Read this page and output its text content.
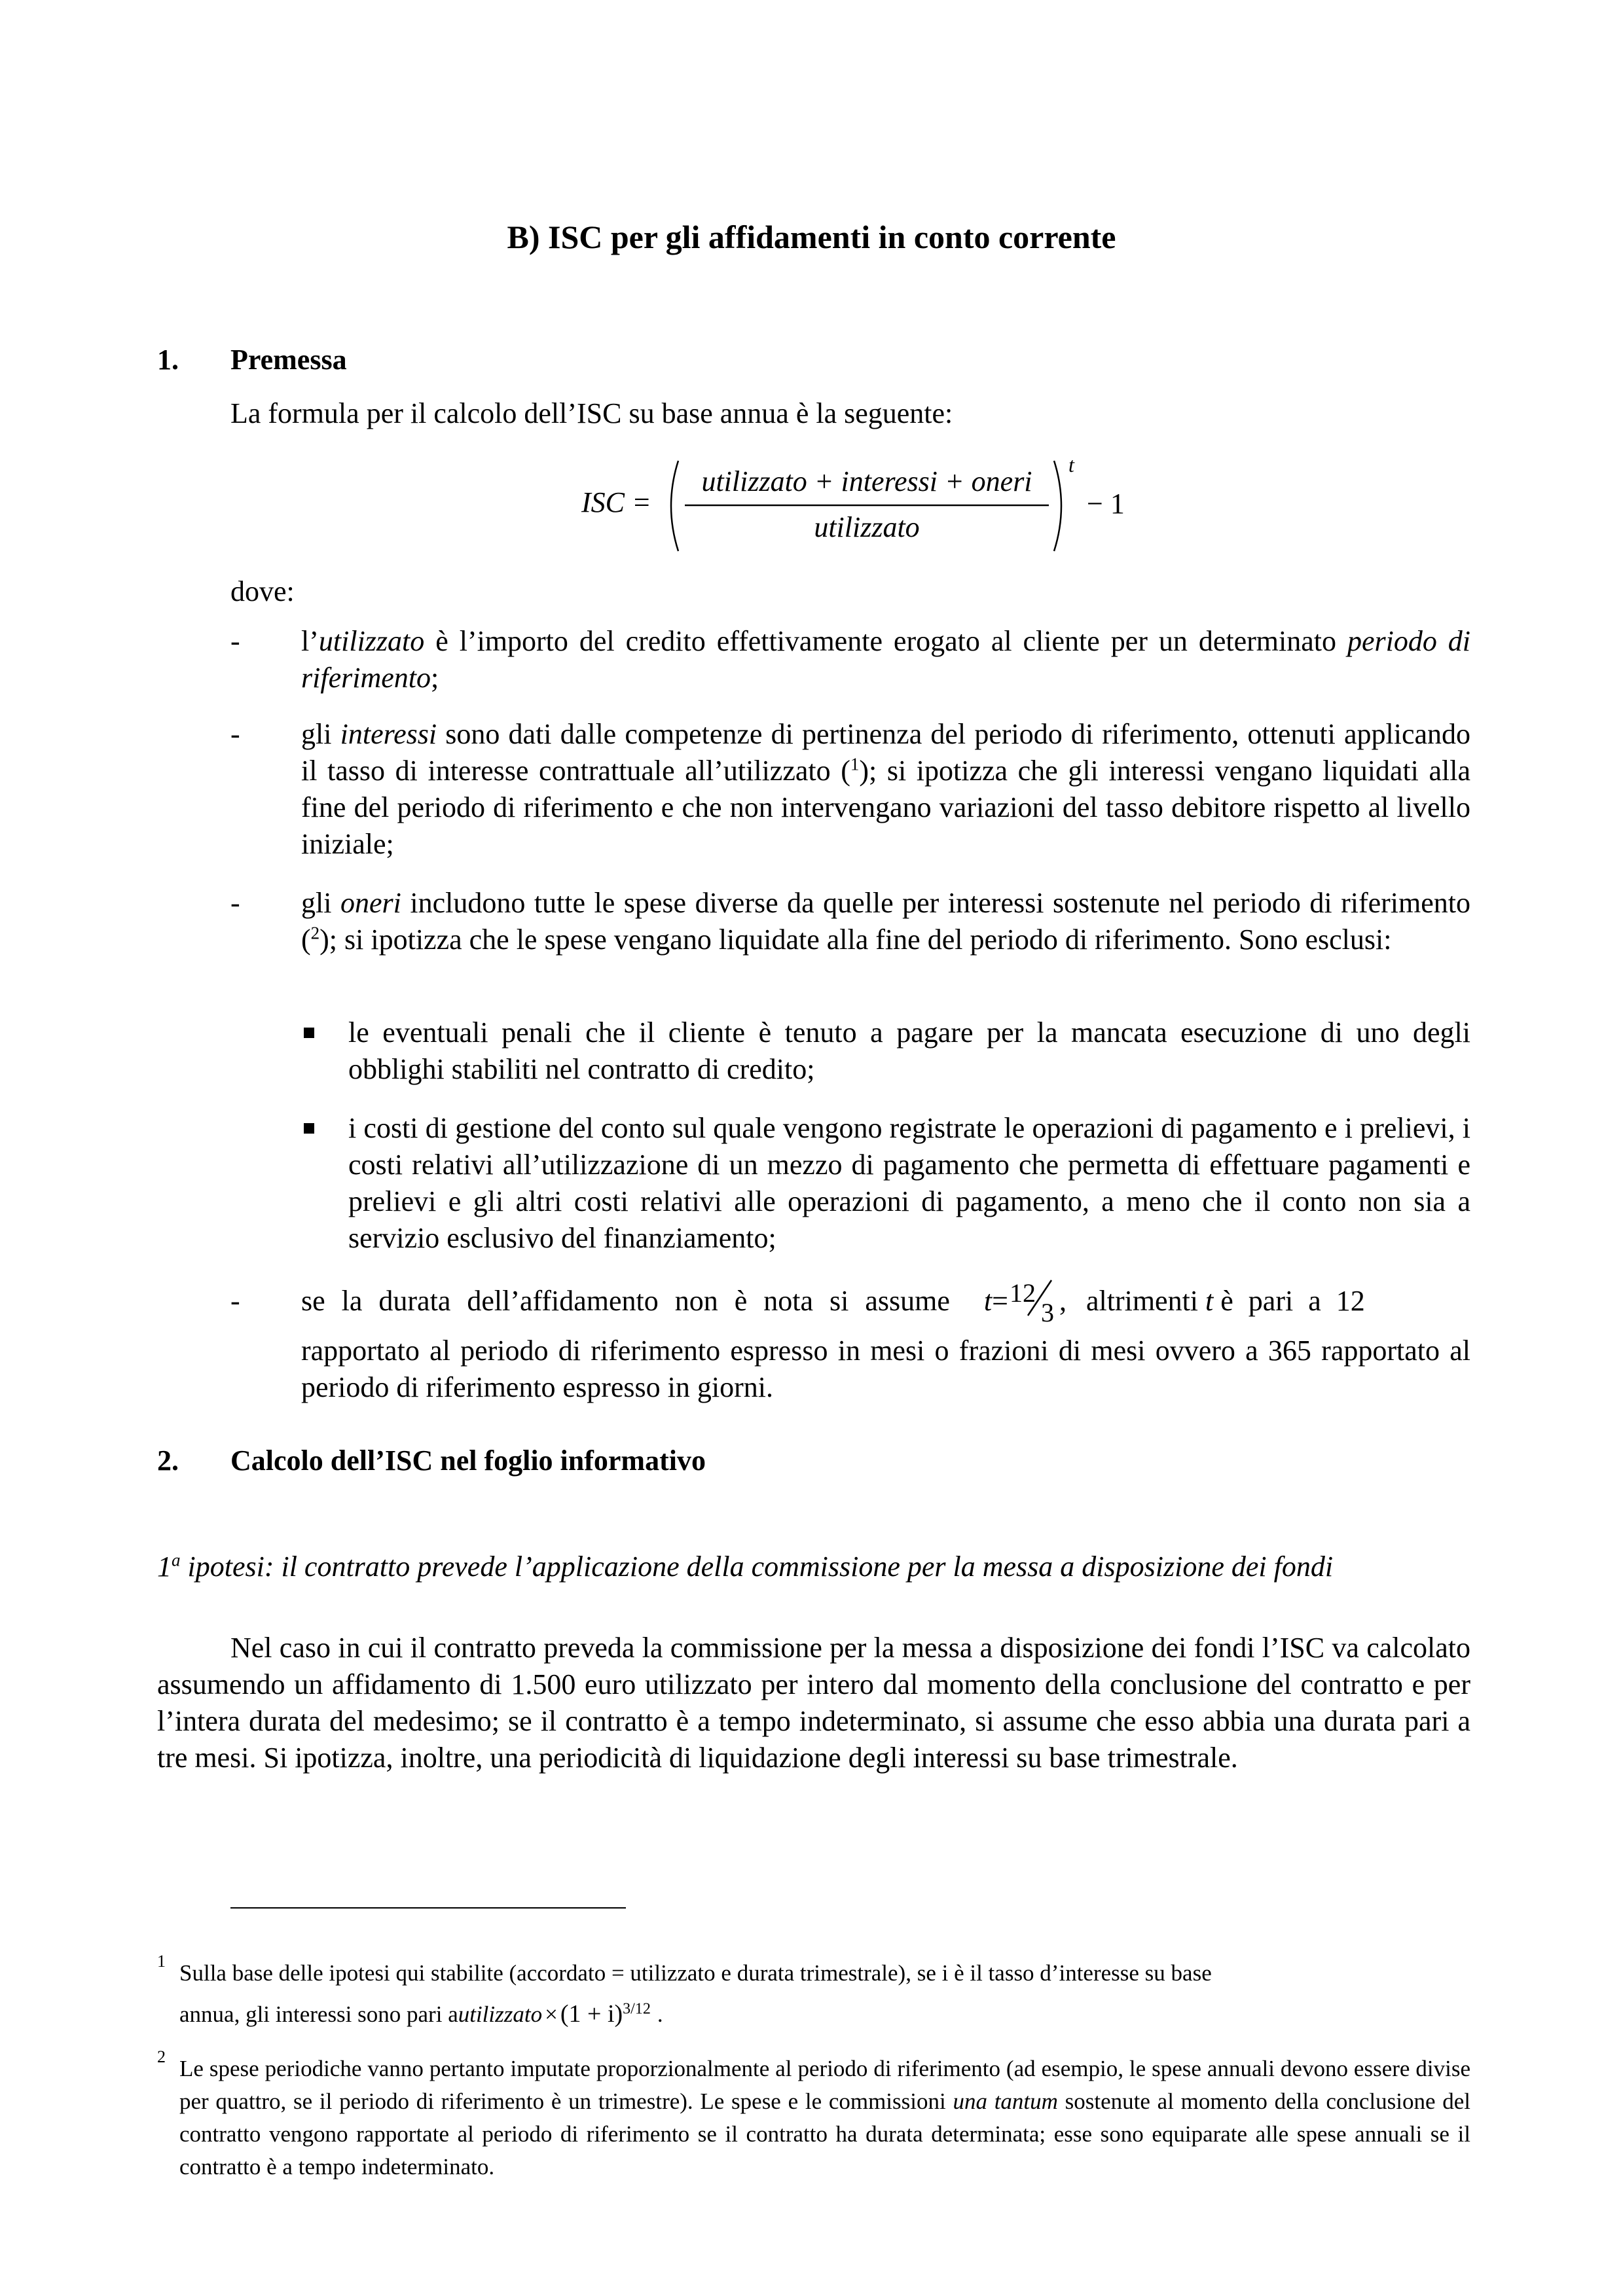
B) ISC per gli affidamenti in conto corrente
1. Premessa
La formula per il calcolo dell’ISC su base annua è la seguente:
ISC =
utilizzato + interessi + oneri
utilizzato
t
− 1
dove:
- l’utilizzato è l’importo del credito effettivamente erogato al cliente per un determinato periodo di riferimento;
- gli interessi sono dati dalle competenze di pertinenza del periodo di riferimento, ottenuti applicando il tasso di interesse contrattuale all’utilizzato ($^1$); si ipotizza che gli interessi vengano liquidati alla fine del periodo di riferimento e che non intervengano variazioni del tasso debitore rispetto al livello iniziale;
- gli oneri includono tutte le spese diverse da quelle per interessi sostenute nel periodo di riferimento ($^2$); si ipotizza che le spese vengano liquidate alla fine del periodo di riferimento. Sono esclusi:
le eventuali penali che il cliente è tenuto a pagare per la mancata esecuzione di uno degli obblighi stabiliti nel contratto di credito;
i costi di gestione del conto sul quale vengono registrate le operazioni di pagamento e i prelievi, i costi relativi all’utilizzazione di un mezzo di pagamento che permetta di effettuare pagamenti e prelievi e gli altri costi relativi alle operazioni di pagamento, a meno che il conto non sia a servizio esclusivo del finanziamento;
- se la durata dell’affidamento non è nota si assume t= 12
3 , altrimenti t è pari a 12
rapportato al periodo di riferimento espresso in mesi o frazioni di mesi ovvero a 365 rapportato al periodo di riferimento espresso in giorni.
2. Calcolo dell’ISC nel foglio informativo
1$^a$ ipotesi: il contratto prevede l’applicazione della commissione per la messa a disposizione dei fondi
Nel caso in cui il contratto preveda la commissione per la messa a disposizione dei fondi l’ISC va calcolato assumendo un affidamento di 1.500 euro utilizzato per intero dal momento della conclusione del contratto e per l’intera durata del medesimo; se il contratto è a tempo indeterminato, si assume che esso abbia una durata pari a tre mesi. Si ipotizza, inoltre, una periodicità di liquidazione degli interessi su base trimestrale.
1 Sulla base delle ipotesi qui stabilite (accordato = utilizzato e durata trimestrale), se i è il tasso d’interesse su base
annua, gli interessi sono pari autilizzato × $(1 + i)^{3/12}$ .
2 Le spese periodiche vanno pertanto imputate proporzionalmente al periodo di riferimento (ad esempio, le spese annuali devono essere divise per quattro, se il periodo di riferimento è un trimestre). Le spese e le commissioni una tantum sostenute al momento della conclusione del contratto vengono rapportate al periodo di riferimento se il contratto ha durata determinata; esse sono equiparate alle spese annuali se il contratto è a tempo indeterminato.
